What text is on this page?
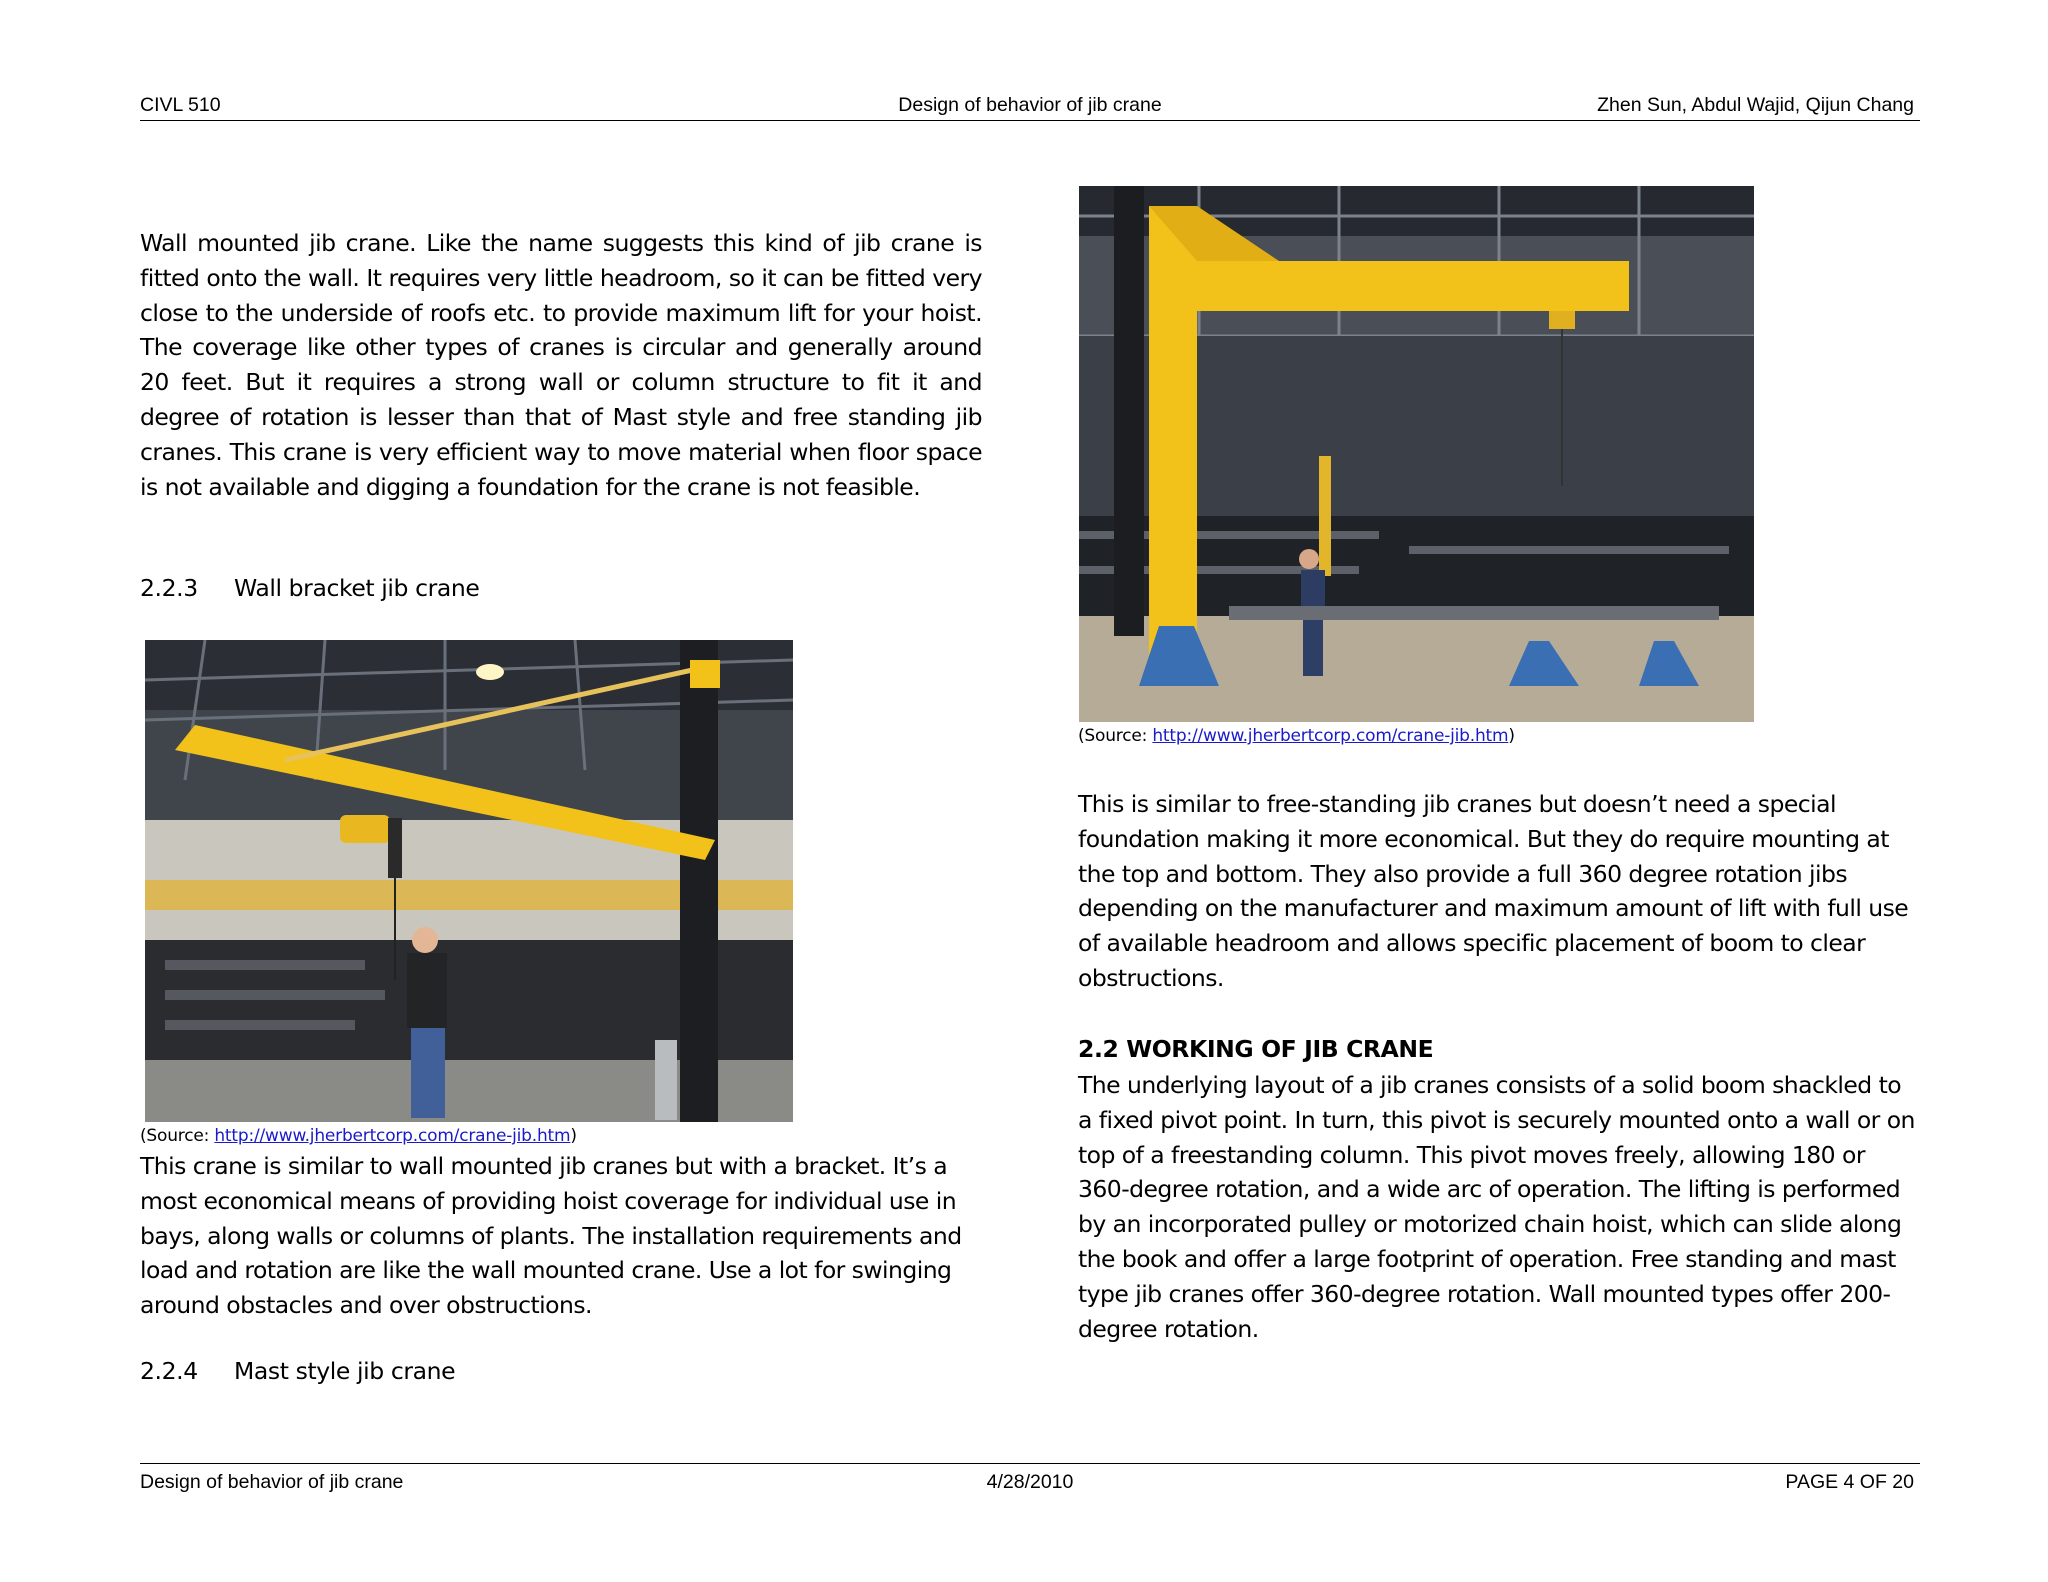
CIVL 510	Design of behavior of jib crane	Zhen Sun, Abdul Wajid, Qijun Chang

Wall mounted jib crane. Like the name suggests this kind of jib crane is fitted onto the wall. It requires very little headroom, so it can be fitted very close to the underside of roofs etc. to provide maximum lift for your hoist. The coverage like other types of cranes is circular and generally around 20 feet. But it requires a strong wall or column structure to fit it and degree of rotation is lesser than that of Mast style and free standing jib cranes. This crane is very efficient way to move material when floor space is not available and digging a foundation for the crane is not feasible.

2.2.3 Wall bracket jib crane
(Source: http://www.jherbertcorp.com/crane-jib.htm)

This crane is similar to wall mounted jib cranes but with a bracket. It’s a most economical means of providing hoist coverage for individual use in bays, along walls or columns of plants. The installation requirements and load and rotation are like the wall mounted crane. Use a lot for swinging around obstacles and over obstructions.

2.2.4 Mast style jib crane
(Source: http://www.jherbertcorp.com/crane-jib.htm)

This is similar to free-standing jib cranes but doesn’t need a special foundation making it more economical. But they do require mounting at the top and bottom. They also provide a full 360 degree rotation jibs depending on the manufacturer and maximum amount of lift with full use of available headroom and allows specific placement of boom to clear obstructions.

2.2 WORKING OF JIB CRANE

The underlying layout of a jib cranes consists of a solid boom shackled to a fixed pivot point. In turn, this pivot is securely mounted onto a wall or on top of a freestanding column. This pivot moves freely, allowing 180 or 360-degree rotation, and a wide arc of operation. The lifting is performed by an incorporated pulley or motorized chain hoist, which can slide along the book and offer a large footprint of operation. Free standing and mast type jib cranes offer 360-degree rotation. Wall mounted types offer 200-degree rotation.

Design of behavior of jib crane	4/28/2010	PAGE 4 OF 20
